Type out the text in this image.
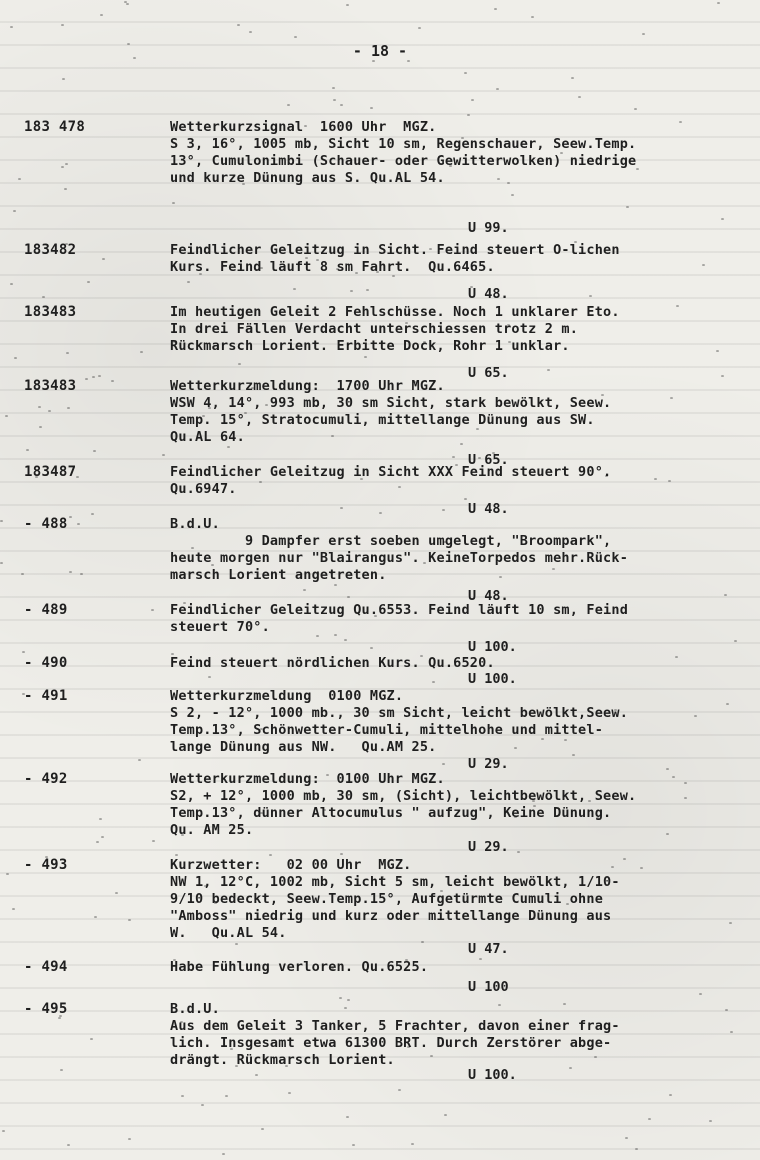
- 18 -
183 478	Wetterkurzsignal  1600 Uhr  MGZ.
S 3, 16°, 1005 mb, Sicht 10 sm, Regenschauer, Seew.Temp.
13°, Cumulonimbi (Schauer- oder Gewitterwolken) niedrige
und kurze Dünung aus S. Qu.AL 54.
U 99.
183482	Feindlicher Geleitzug in Sicht. Feind steuert O-lichen
Kurs. Feind läuft 8 sm Fahrt.  Qu.6465.
U 48.
183483	Im heutigen Geleit 2 Fehlschüsse. Noch 1 unklarer Eto.
In drei Fällen Verdacht unterschiessen trotz 2 m.
Rückmarsch Lorient. Erbitte Dock, Rohr 1 unklar.
U 65.
183483	Wetterkurzmeldung:  1700 Uhr MGZ.
WSW 4, 14°, 993 mb, 30 sm Sicht, stark bewölkt, Seew.
Temp. 15°, Stratocumuli, mittellange Dünung aus SW.
Qu.AL 64.
U 65.
183487	Feindlicher Geleitzug in Sicht XXX Feind steuert 90°.
Qu.6947.
U 48.
- 488	B.d.U.
9 Dampfer erst soeben umgelegt, "Broompark",
heute morgen nur "Blairangus". KeineTorpedos mehr.Rück-
marsch Lorient angetreten.
U 48.
- 489	Feindlicher Geleitzug Qu.6553. Feind läuft 10 sm, Feind
steuert 70°.
U 100.
- 490	Feind steuert nördlichen Kurs. Qu.6520.
U 100.
- 491	Wetterkurzmeldung  0100 MGZ.
S 2, - 12°, 1000 mb., 30 sm Sicht, leicht bewölkt,Seew.
Temp.13°, Schönwetter-Cumuli, mittelhohe und mittel-
lange Dünung aus NW.   Qu.AM 25.
U 29.
- 492	Wetterkurzmeldung:  0100 Uhr MGZ.
S2, + 12°, 1000 mb, 30 sm, (Sicht), leichtbewölkt, Seew.
Temp.13°, dünner Altocumulus " aufzug", Keine Dünung.
Qu. AM 25.
U 29.
- 493	Kurzwetter:   02 00 Uhr  MGZ.
NW 1, 12°C, 1002 mb, Sicht 5 sm, leicht bewölkt, 1/10-
9/10 bedeckt, Seew.Temp.15°, Aufgetürmte Cumuli ohne
"Amboss" niedrig und kurz oder mittellange Dünung aus
W.   Qu.AL 54.
U 47.
- 494	Habe Fühlung verloren. Qu.6525.
U 100
- 495	B.d.U.
Aus dem Geleit 3 Tanker, 5 Frachter, davon einer frag-
lich. Insgesamt etwa 61300 BRT. Durch Zerstörer abge-
drängt. Rückmarsch Lorient.
U 100.
